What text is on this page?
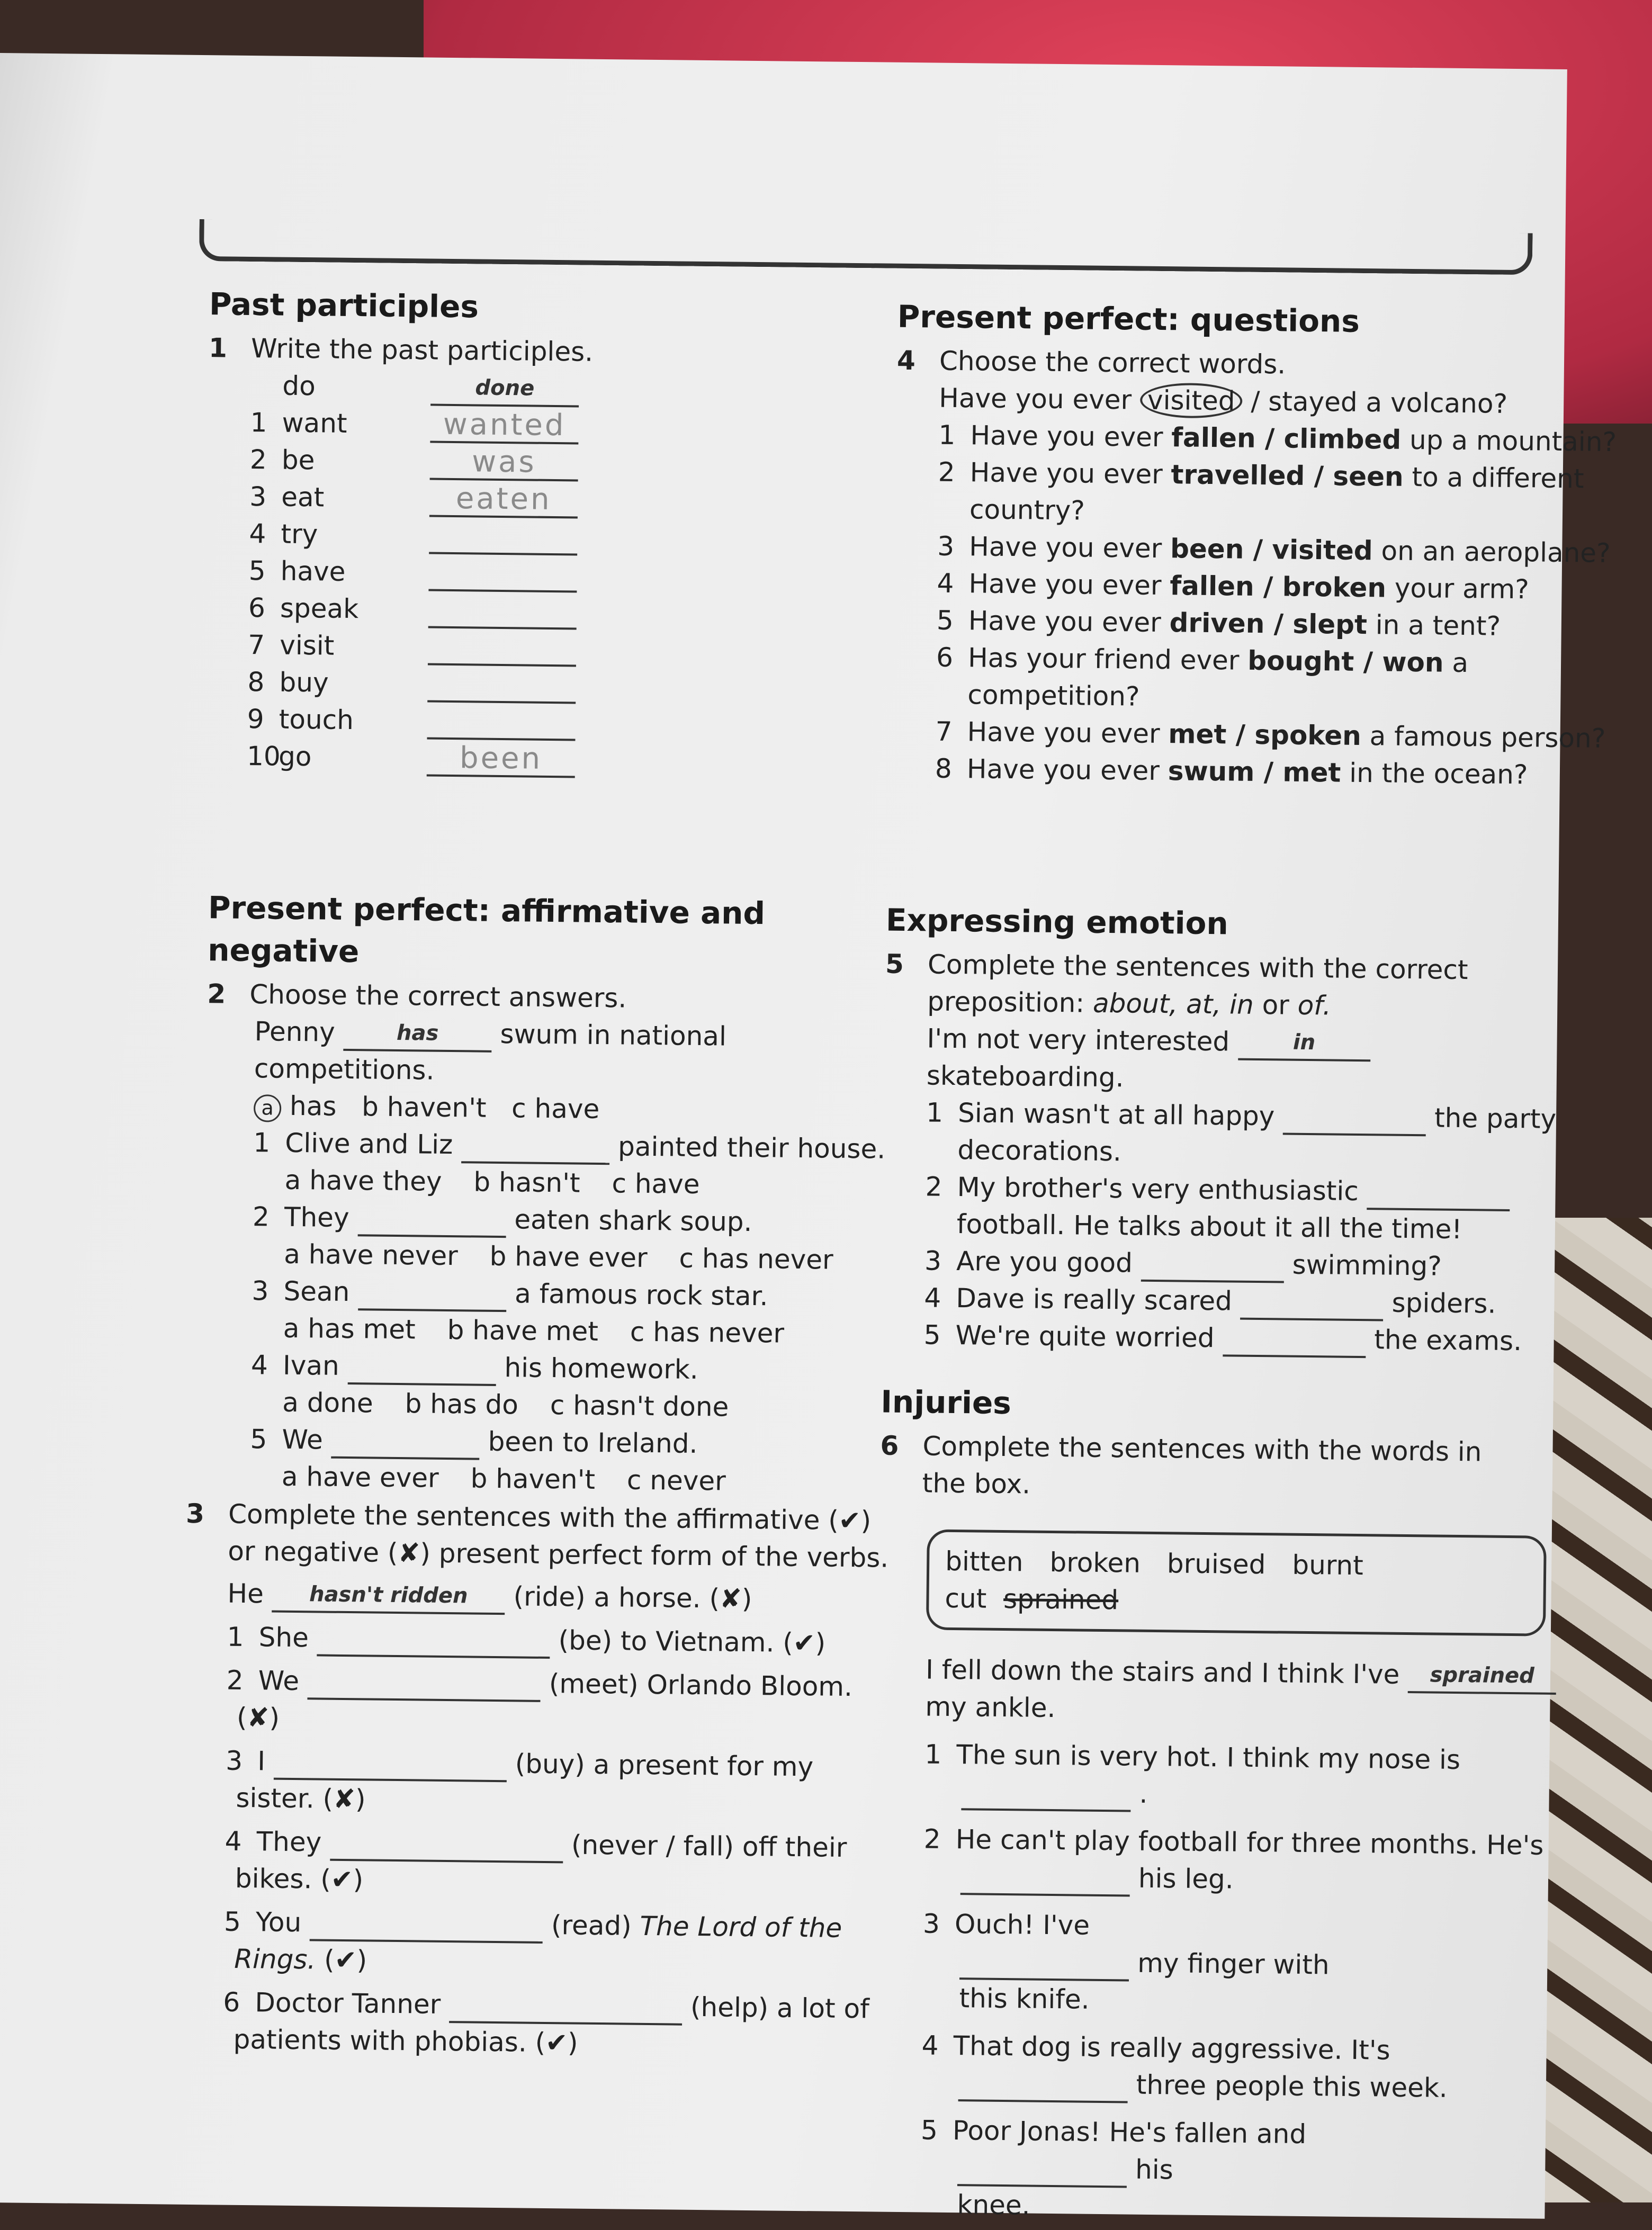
Past participles
1 Write the past participles.
do	done
1 want	wanted
2 be	was
3 eat	eaten
4 try
5 have
6 speak
7 visit
8 buy
9 touch
10go	been
Present perfect: questions
4 Choose the correct words.
Have you ever visited / stayed a volcano?
1 Have you ever fallen / climbed up a mountain?
2 Have you ever travelled / seen to a different
country?
3 Have you ever been / visited on an aeroplane?
4 Have you ever fallen / broken your arm?
5 Have you ever driven / slept in a tent?
6 Has your friend ever bought / won a
competition?
7 Have you ever met / spoken a famous person?
8 Have you ever swum / met in the ocean?
Present perfect: affirmative and negative
2 Choose the correct answers.
Penny	has swum in national
competitions.
a has b haven't c have
1 Clive and Liz	painted their house.
a have they b hasn't c have
2 They	eaten shark soup.
a have never b have ever c has never
3 Sean	a famous rock star.
a has met b have met c has never
4 Ivan	his homework.
a done b has do c hasn't done
5 We	been to Ireland.
a have ever b haven't c never
Expressing emotion
5 Complete the sentences with the correct
preposition: about, at, in or of.
I'm not very interested	in
skateboarding.
1 Sian wasn't at all happy	the party
decorations.
2 My brother's very enthusiastic
football. He talks about it all the time!
3 Are you good	swimming?
4 Dave is really scared	spiders.
5 We're quite worried	the exams.
3 Complete the sentences with the affirmative (✔)
or negative (✘) present perfect form of the verbs.
He hasn't ridden (ride) a horse. (✘)
1 She	(be) to Vietnam. (✔)
2 We	(meet) Orlando Bloom.
(✘)
3 I	(buy) a present for my
sister. (✘)
4 They	(never / fall) off their
bikes. (✔)
5 You	(read) The Lord of the
Rings. (✔)
6 Doctor Tanner	(help) a lot of
patients with phobias. (✔)
Injuries
6 Complete the sentences with the words in
the box.
bitten broken bruised burnt
cut sprained
I fell down the stairs and I think I've sprained
my ankle.
1 The sun is very hot. I think my nose is
.
2 He can't play football for three months. He's
his leg.
3 Ouch! I've
my finger with
this knife.
4 That dog is really aggressive. It's
three people this week.
5 Poor Jonas! He's fallen and
his
knee.
